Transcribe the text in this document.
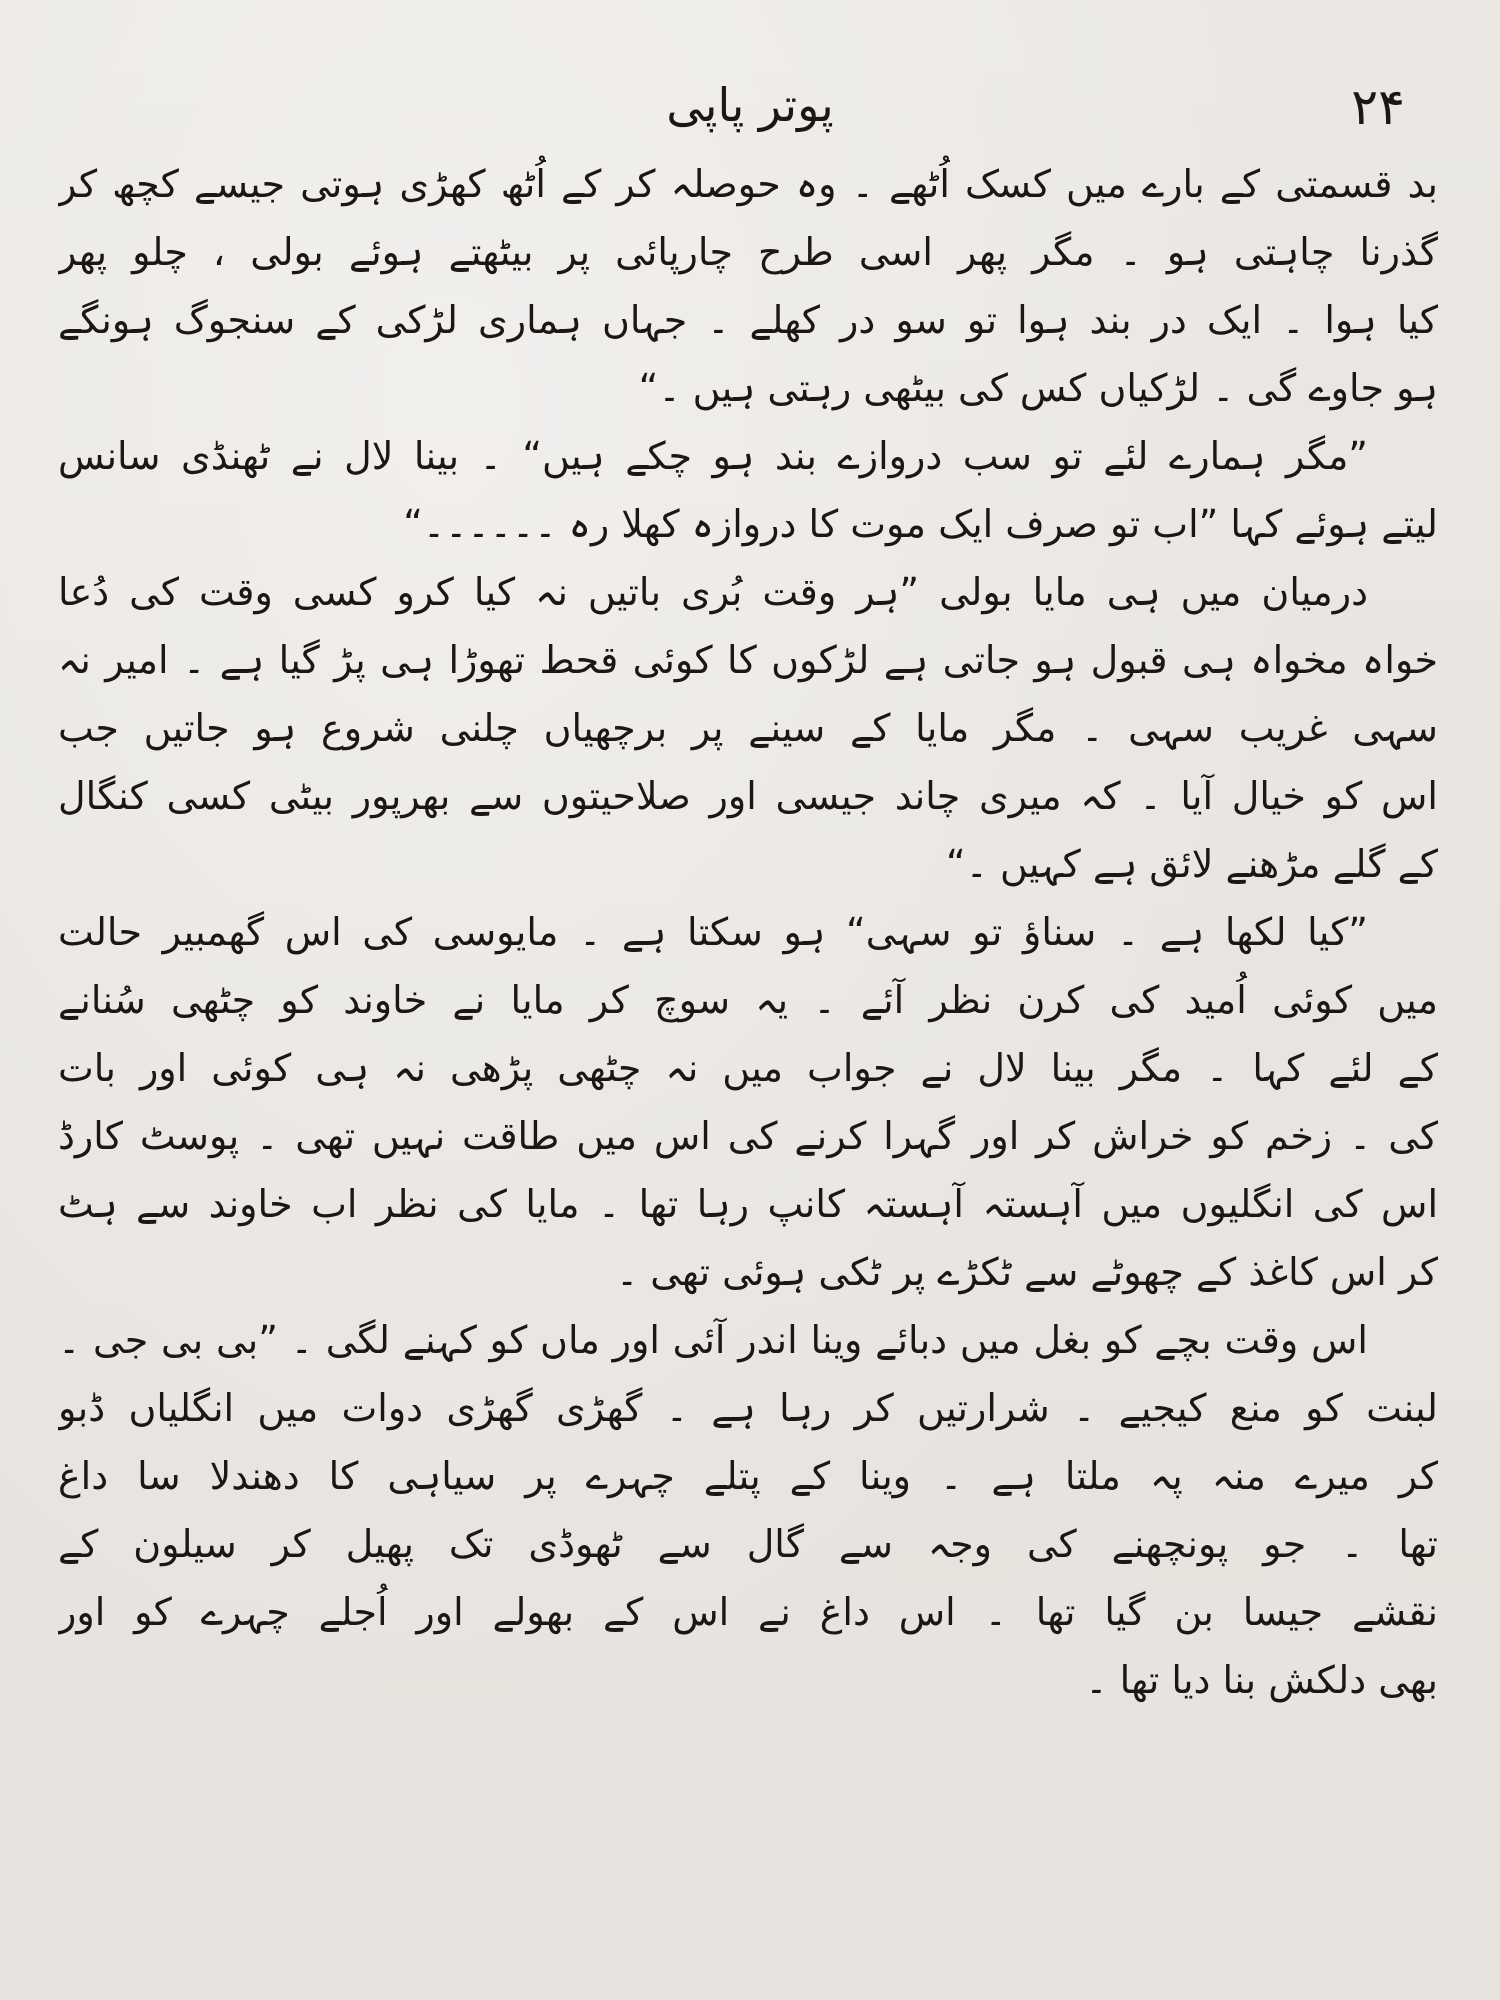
پوتر پاپی	۲۴
بد قسمتی کے بارے میں کسک اُٹھے ۔ وہ حوصلہ کر کے اُٹھ کھڑی ہوتی جیسے کچھ کر
گذرنا چاہتی ہو ۔ مگر پھر اسی طرح چارپائی پر بیٹھتے ہوئے بولی ، چلو پھر
کیا ہوا ۔ ایک در بند ہوا تو سو در کھلے ۔ جہاں ہماری لڑکی کے سنجوگ ہونگے
ہو جاوے گی ۔ لڑکیاں کس کی بیٹھی رہتی ہیں ۔“
”مگر ہمارے لئے تو سب دروازے بند ہو چکے ہیں“ ۔ بینا لال نے ٹھنڈی سانس
لیتے ہوئے کہا ”اب تو صرف ایک موت کا دروازہ کھلا رہ ۔۔۔۔۔۔“
درمیان میں ہی مایا بولی ”ہر وقت بُری باتیں نہ کیا کرو کسی وقت کی دُعا
خواہ مخواہ ہی قبول ہو جاتی ہے لڑکوں کا کوئی قحط تھوڑا ہی پڑ گیا ہے ۔ امیر نہ
سہی غریب سہی ۔ مگر مایا کے سینے پر برچھیاں چلنی شروع ہو جاتیں جب
اس کو خیال آیا ۔ کہ میری چاند جیسی اور صلاحیتوں سے بھرپور بیٹی کسی کنگال
کے گلے مڑھنے لائق ہے کہیں ۔“
”کیا لکھا ہے ۔ سناؤ تو سہی“ ہو سکتا ہے ۔ مایوسی کی اس گھمبیر حالت
میں کوئی اُمید کی کرن نظر آئے ۔ یہ سوچ کر مایا نے خاوند کو چٹھی سُنانے
کے لئے کہا ۔ مگر بینا لال نے جواب میں نہ چٹھی پڑھی نہ ہی کوئی اور بات
کی ۔ زخم کو خراش کر اور گہرا کرنے کی اس میں طاقت نہیں تھی ۔ پوسٹ کارڈ
اس کی انگلیوں میں آہستہ آہستہ کانپ رہا تھا ۔ مایا کی نظر اب خاوند سے ہٹ
کر اس کاغذ کے چھوٹے سے ٹکڑے پر ٹکی ہوئی تھی ۔
اس وقت بچے کو بغل میں دبائے وینا اندر آئی اور ماں کو کہنے لگی ۔ ”بی بی جی ۔
لبنت کو منع کیجیے ۔ شرارتیں کر رہا ہے ۔ گھڑی گھڑی دوات میں انگلیاں ڈبو
کر میرے منہ پہ ملتا ہے ۔ وینا کے پتلے چہرے پر سیاہی کا دھندلا سا داغ
تھا ۔ جو پونچھنے کی وجہ سے گال سے ٹھوڈی تک پھیل کر سیلون کے
نقشے جیسا بن گیا تھا ۔ اس داغ نے اس کے بھولے اور اُجلے چہرے کو اور
بھی دلکش بنا دیا تھا ۔
